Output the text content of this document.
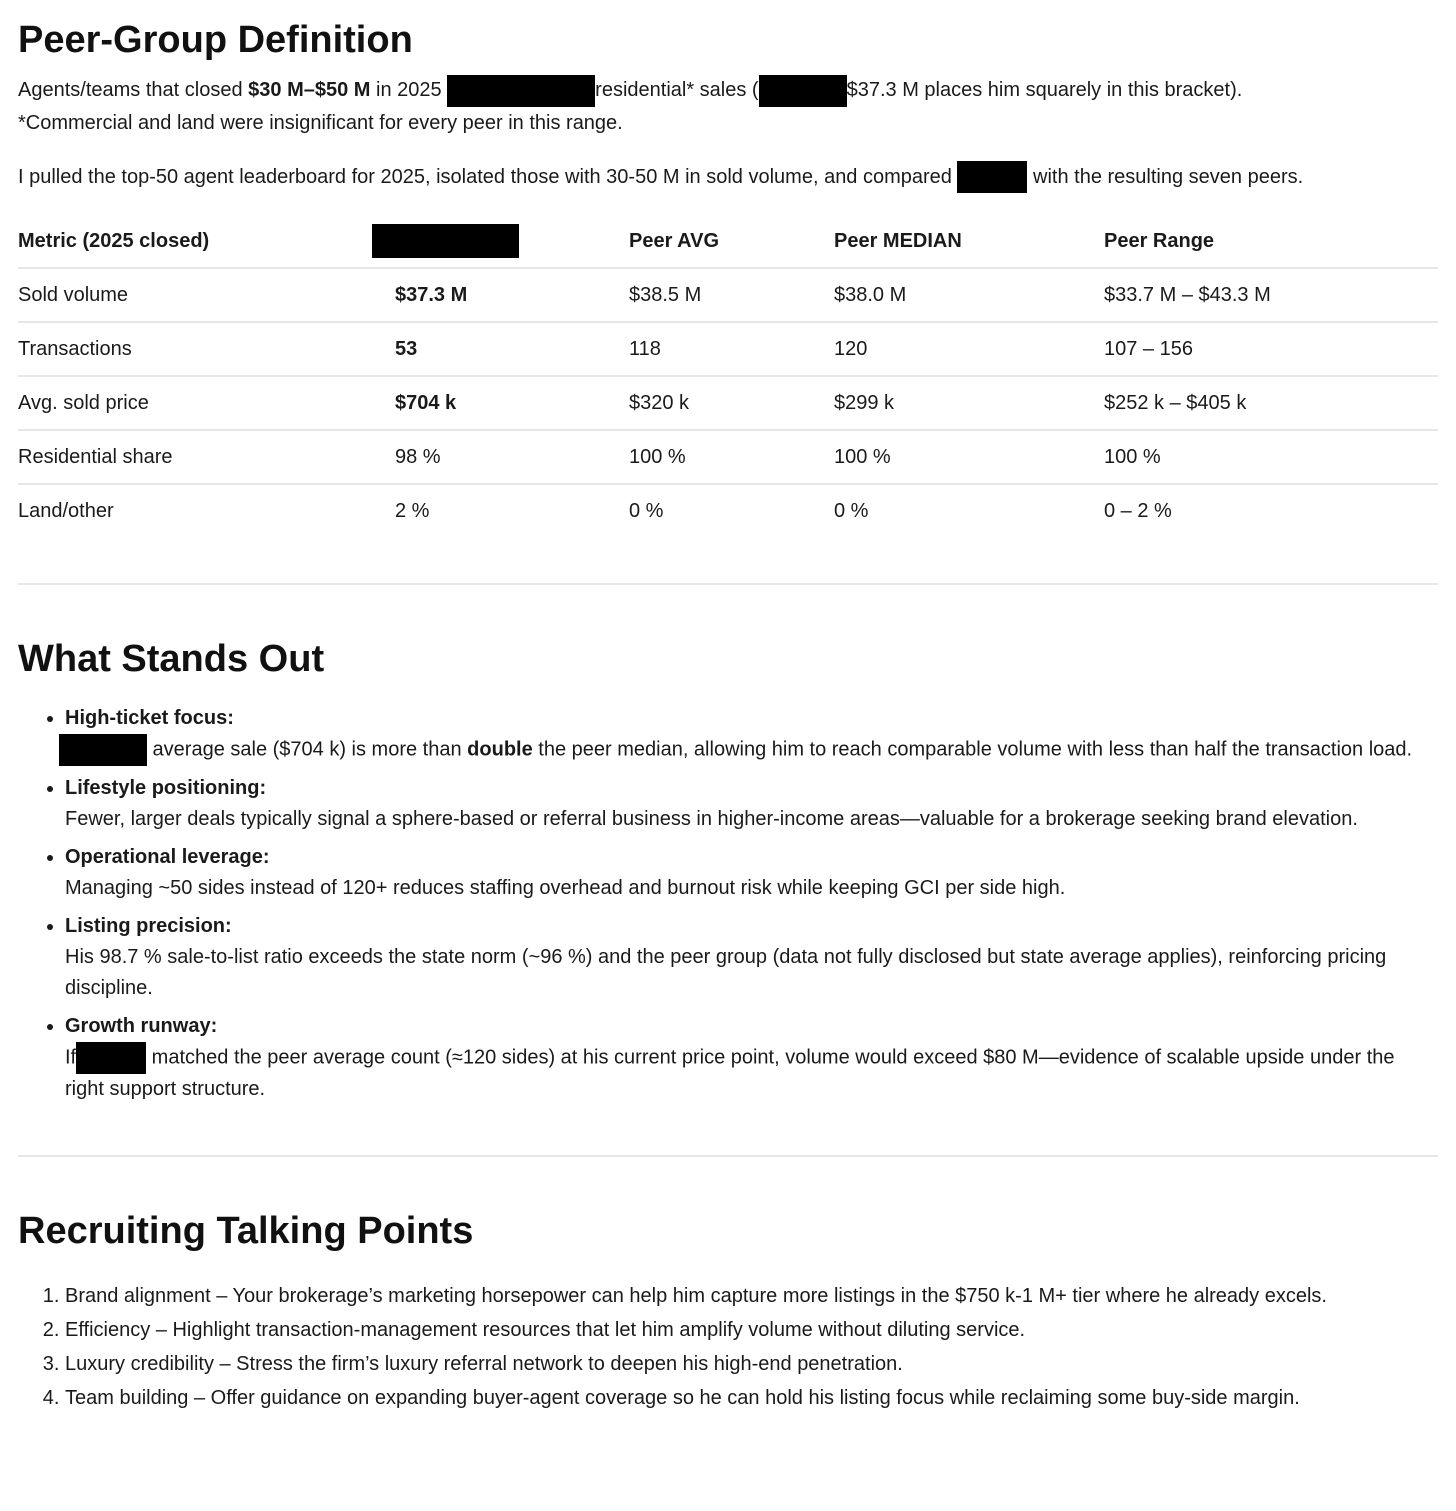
Peer-Group Definition

Agents/teams that closed $30 M–$50 M in 2025	residential* sales (	$37.3 M places him squarely in this bracket).

*Commercial and land were insignificant for every peer in this range.

I pulled the top-50 agent leaderboard for 2025, isolated those with 30-50 M in sold volume, and compared	with the resulting seven peers.

Metric (2025 closed)		Peer AVG	Peer MEDIAN	Peer Range
Sold volume	$37.3 M	$38.5 M	$38.0 M	$33.7 M – $43.3 M
Transactions	53	118	120	107 – 156
Avg. sold price	$704 k	$320 k	$299 k	$252 k – $405 k
Residential share	98 %	100 %	100 %	100 %
Land/other	2 %	0 %	0 %	0 – 2 %
What Stands Out
• High-ticket focus:
average sale ($704 k) is more than double the peer median, allowing him to reach comparable volume with less than half the transaction load.
• Lifestyle positioning:
Fewer, larger deals typically signal a sphere-based or referral business in higher-income areas—valuable for a brokerage seeking brand elevation.
• Operational leverage:
Managing ~50 sides instead of 120+ reduces staffing overhead and burnout risk while keeping GCI per side high.
• Listing precision:
His 98.7 % sale-to-list ratio exceeds the state norm (~96 %) and the peer group (data not fully disclosed but state average applies), reinforcing pricing discipline.
• Growth runway:
If	matched the peer average count (≈120 sides) at his current price point, volume would exceed $80 M—evidence of scalable upside under the right support structure.
Recruiting Talking Points
1. Brand alignment – Your brokerage’s marketing horsepower can help him capture more listings in the $750 k-1 M+ tier where he already excels.
2. Efficiency – Highlight transaction-management resources that let him amplify volume without diluting service.
3. Luxury credibility – Stress the firm’s luxury referral network to deepen his high-end penetration.
4. Team building – Offer guidance on expanding buyer-agent coverage so he can hold his listing focus while reclaiming some buy-side margin.
